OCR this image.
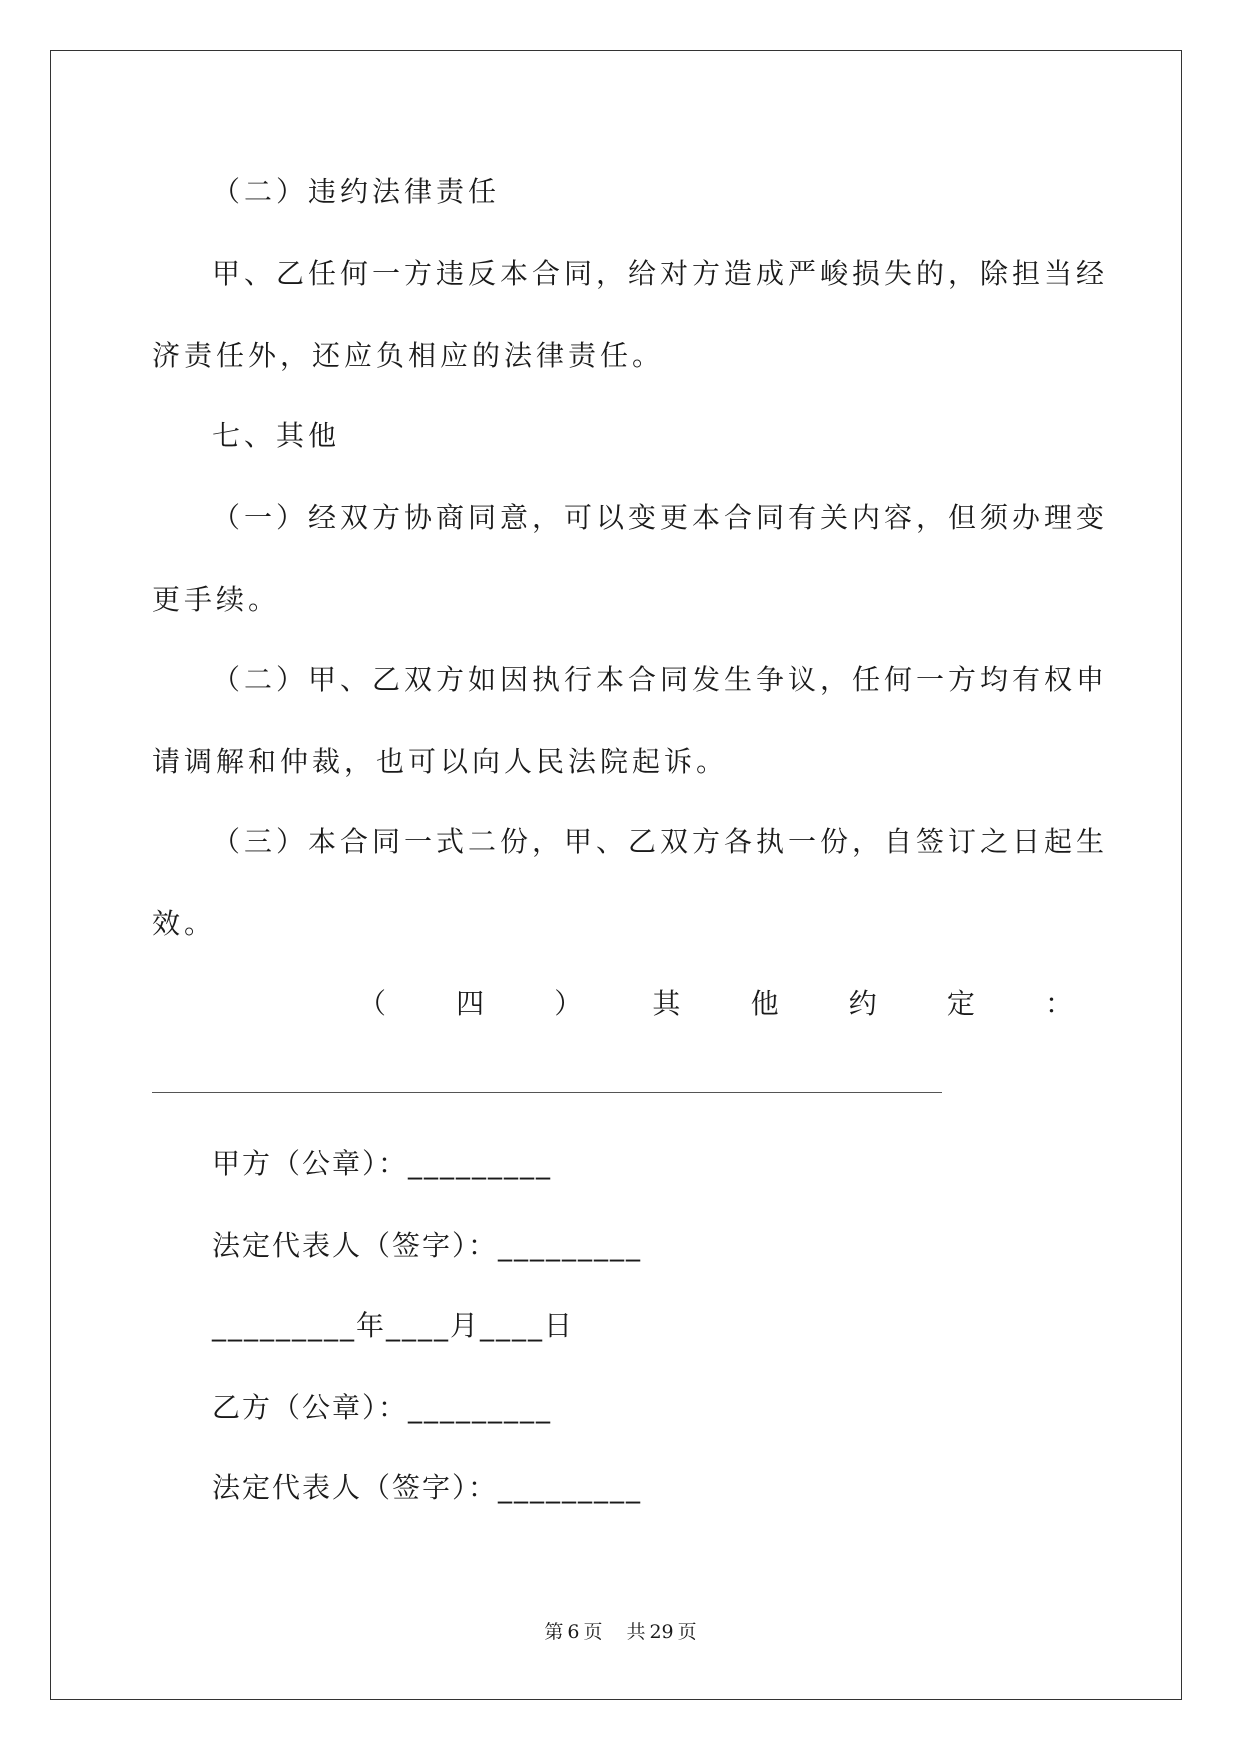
（二）违约法律责任
甲、乙任何一方违反本合同，给对方造成严峻损失的，除担当经
济责任外，还应负相应的法律责任。
七、其他
（一）经双方协商同意，可以变更本合同有关内容，但须办理变
更手续。
（二）甲、乙双方如因执行本合同发生争议，任何一方均有权申
请调解和仲裁，也可以向人民法院起诉。
（三）本合同一式二份，甲、乙双方各执一份，自签订之日起生
效。
（	四	）	其	他	约	定	：
甲方（公章）：_________
法定代表人（签字）：_________
_________年____月____日
乙方（公章）：_________
法定代表人（签字）：_________
第 6 页 共 29 页
